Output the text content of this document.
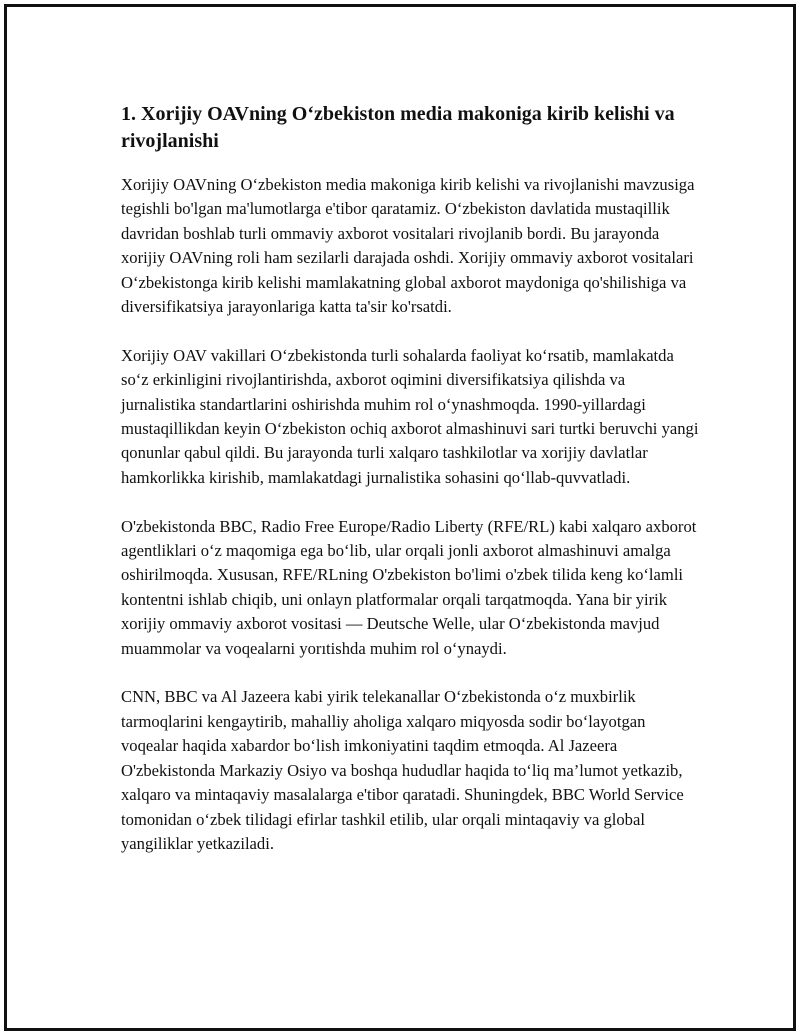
1. Xorijiy OAVning O‘zbekiston media makoniga kirib kelishi va rivojlanishi

Xorijiy OAVning O‘zbekiston media makoniga kirib kelishi va rivojlanishi mavzusiga tegishli bo'lgan ma'lumotlarga e'tibor qaratamiz. O‘zbekiston davlatida mustaqillik davridan boshlab turli ommaviy axborot vositalari rivojlanib bordi. Bu jarayonda xorijiy OAVning roli ham sezilarli darajada oshdi. Xorijiy ommaviy axborot vositalari O‘zbekistonga kirib kelishi mamlakatning global axborot maydoniga qo'shilishiga va diversifikatsiya jarayonlariga katta ta'sir ko'rsatdi.

Xorijiy OAV vakillari O‘zbekistonda turli sohalarda faoliyat ko‘rsatib, mamlakatda so‘z erkinligini rivojlantirishda, axborot oqimini diversifikatsiya qilishda va jurnalistika standartlarini oshirishda muhim rol o‘ynashmoqda. 1990-yillardagi mustaqillikdan keyin O‘zbekiston ochiq axborot almashinuvi sari turtki beruvchi yangi qonunlar qabul qildi. Bu jarayonda turli xalqaro tashkilotlar va xorijiy davlatlar hamkorlikka kirishib, mamlakatdagi jurnalistika sohasini qo‘llab-quvvatladi.

O'zbekistonda BBC, Radio Free Europe/Radio Liberty (RFE/RL) kabi xalqaro axborot agentliklari o‘z maqomiga ega bo‘lib, ular orqali jonli axborot almashinuvi amalga oshirilmoqda. Xususan, RFE/RLning O'zbekiston bo'limi o'zbek tilida keng ko‘lamli kontentni ishlab chiqib, uni onlayn platformalar orqali tarqatmoqda. Yana bir yirik xorijiy ommaviy axborot vositasi — Deutsche Welle, ular O‘zbekistonda mavjud muammolar va voqealarni yorıtishda muhim rol o‘ynaydi.

CNN, BBC va Al Jazeera kabi yirik telekanallar O‘zbekistonda o‘z muxbirlik tarmoqlarini kengaytirib, mahalliy aholiga xalqaro miqyosda sodir bo‘layotgan voqealar haqida xabardor bo‘lish imkoniyatini taqdim etmoqda. Al Jazeera O'zbekistonda Markaziy Osiyo va boshqa hududlar haqida to‘liq ma’lumot yetkazib, xalqaro va mintaqaviy masalalarga e'tibor qaratadi. Shuningdek, BBC World Service tomonidan o‘zbek tilidagi efirlar tashkil etilib, ular orqali mintaqaviy va global yangiliklar yetkaziladi.
